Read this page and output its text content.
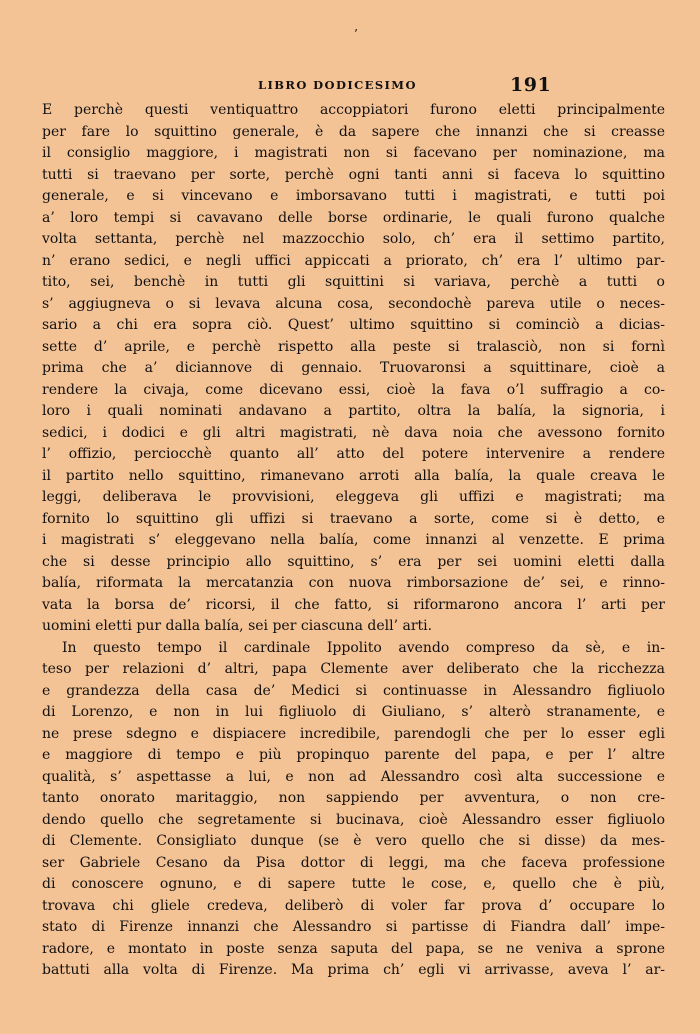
’
LIBRO DODICESIMO	191
E perchè questi ventiquattro accoppiatori furono eletti principalmente
per fare lo squittino generale, è da sapere che innanzi che si creasse
il consiglio maggiore, i magistrati non si facevano per nominazione, ma
tutti si traevano per sorte, perchè ogni tanti anni si faceva lo squittino
generale, e si vincevano e imborsavano tutti i magistrati, e tutti poi
a’ loro tempi si cavavano delle borse ordinarie, le quali furono qualche
volta settanta, perchè nel mazzocchio solo, ch’ era il settimo partito,
n’ erano sedici, e negli uffici appiccati a priorato, ch’ era l’ ultimo par-
tito, sei, benchè in tutti gli squittini si variava, perchè a tutti o
s’ aggiugneva o si levava alcuna cosa, secondochè pareva utile o neces-
sario a chi era sopra ciò. Quest’ ultimo squittino si cominciò a dicias-
sette d’ aprile, e perchè rispetto alla peste si tralasciò, non si fornì
prima che a’ diciannove di gennaio. Truovaronsi a squittinare, cioè a
rendere la civaja, come dicevano essi, cioè la fava o’l suffragio a co-
loro i quali nominati andavano a partito, oltra la balía, la signoria, i
sedici, i dodici e gli altri magistrati, nè dava noia che avessono fornito
l’ offizio, perciocchè quanto all’ atto del potere intervenire a rendere
il partito nello squittino, rimanevano arroti alla balía, la quale creava le
leggi, deliberava le provvisioni, eleggeva gli uffizi e magistrati; ma
fornito lo squittino gli uffizi si traevano a sorte, come si è detto, e
i magistrati s’ eleggevano nella balía, come innanzi al venzette. E prima
che si desse principio allo squittino, s’ era per sei uomini eletti dalla
balía, riformata la mercatanzia con nuova rimborsazione de’ sei, e rinno-
vata la borsa de’ ricorsi, il che fatto, si riformarono ancora l’ arti per
uomini eletti pur dalla balía, sei per ciascuna dell’ arti.
In questo tempo il cardinale Ippolito avendo compreso da sè, e in-
teso per relazioni d’ altri, papa Clemente aver deliberato che la ricchezza
e grandezza della casa de’ Medici si continuasse in Alessandro figliuolo
di Lorenzo, e non in lui figliuolo di Giuliano, s’ alterò stranamente, e
ne prese sdegno e dispiacere incredibile, parendogli che per lo esser egli
e maggiore di tempo e più propinquo parente del papa, e per l’ altre
qualità, s’ aspettasse a lui, e non ad Alessandro così alta successione e
tanto onorato maritaggio, non sappiendo per avventura, o non cre-
dendo quello che segretamente si bucinava, cioè Alessandro esser figliuolo
di Clemente. Consigliato dunque (se è vero quello che si disse) da mes-
ser Gabriele Cesano da Pisa dottor di leggi, ma che faceva professione
di conoscere ognuno, e di sapere tutte le cose, e, quello che è più,
trovava chi gliele credeva, deliberò di voler far prova d’ occupare lo
stato di Firenze innanzi che Alessandro si partisse di Fiandra dall’ impe-
radore, e montato in poste senza saputa del papa, se ne veniva a sprone
battuti alla volta di Firenze. Ma prima ch’ egli vi arrivasse, aveva l’ ar-
